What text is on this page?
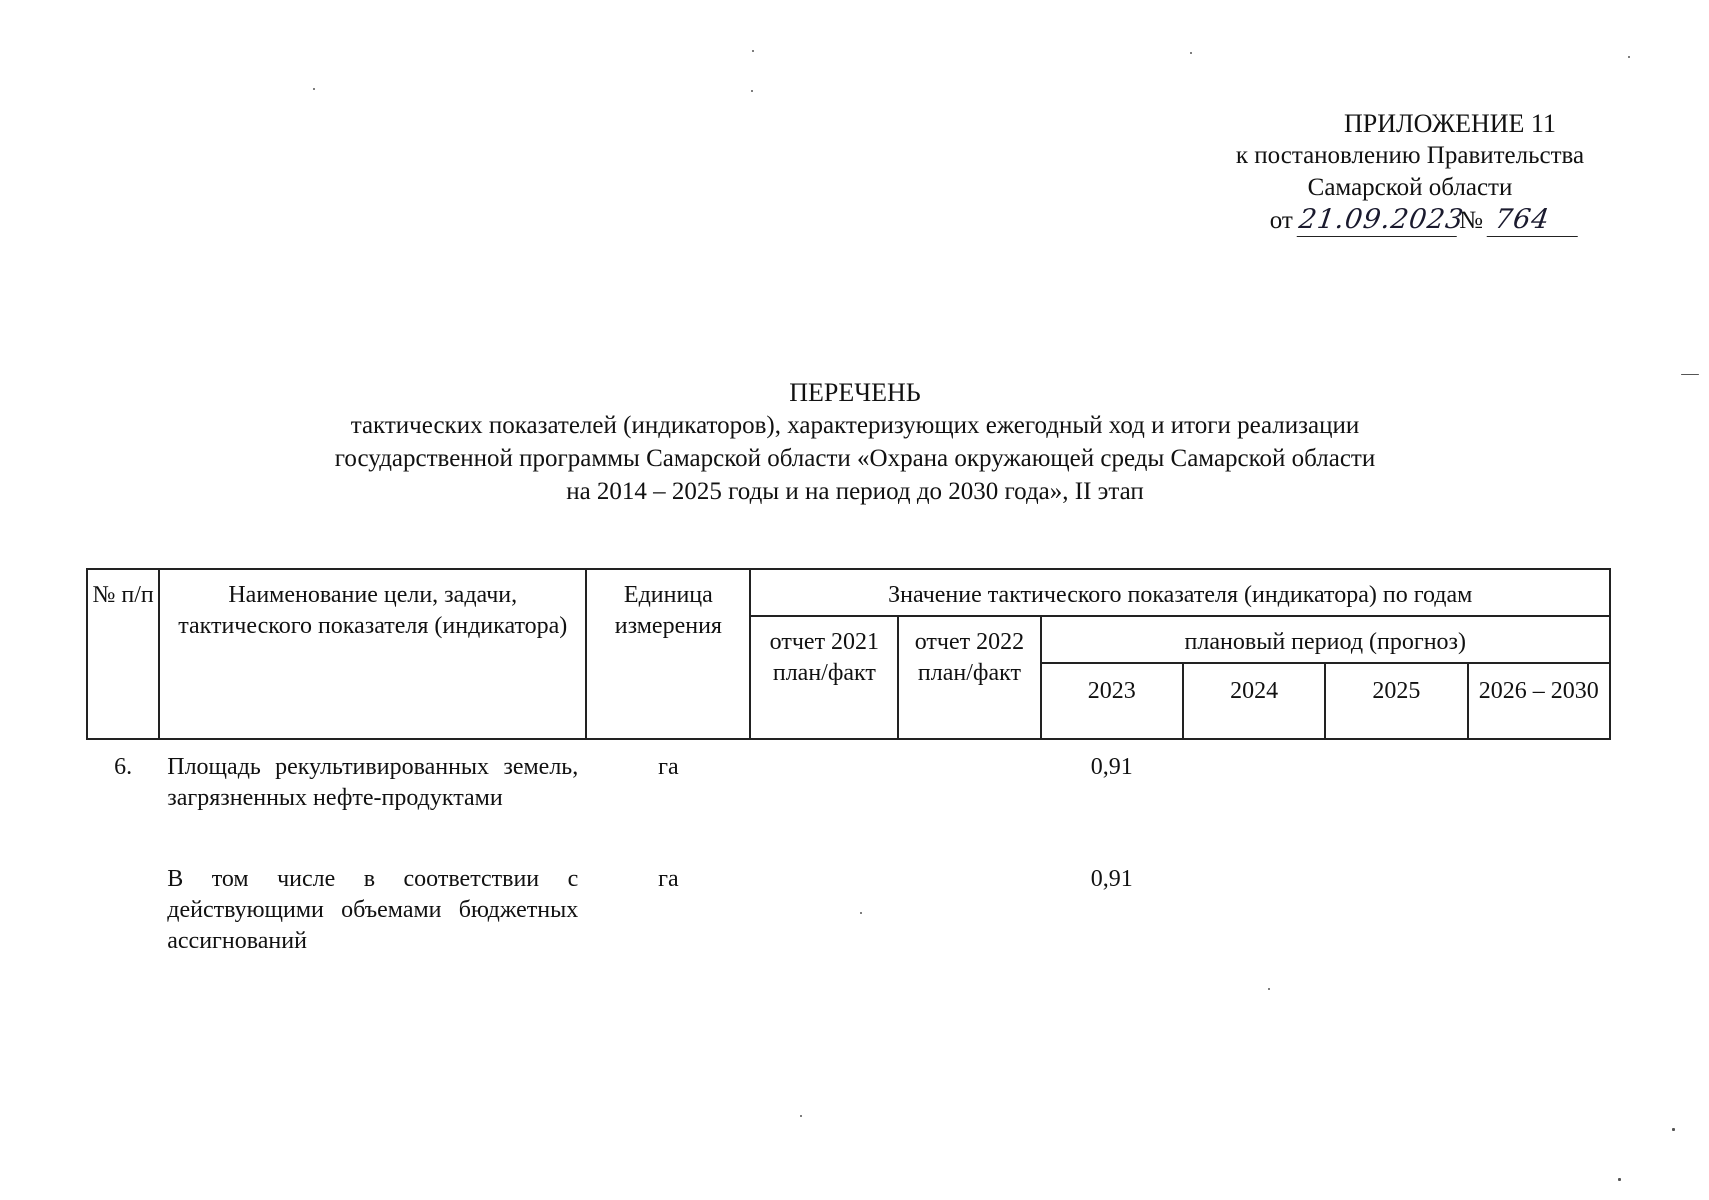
ПРИЛОЖЕНИЕ 11
к постановлению Правительства
Самарской области
от 21.09.2023№ 764
ПЕРЕЧЕНЬ
тактических показателей (индикаторов), характеризующих ежегодный ход и итоги реализации
государственной программы Самарской области «Охрана окружающей среды Самарской области
на 2014 – 2025 годы и на период до 2030 года», II этап
№ п/п	Наименование цели, задачи, тактического показателя (индикатора)	Единица измерения	Значение тактического показателя (индикатора) по годам					
			отчет 2021 план/факт	отчет 2022 план/факт	плановый период (прогноз)			
					2023	2024	2025	2026 – 2030
6.	Площадь рекультивированных земель, загрязненных нефте-продуктами	га			0,91			
	В том числе в соответствии с действующими объемами бюджетных ассигнований	га			0,91			
